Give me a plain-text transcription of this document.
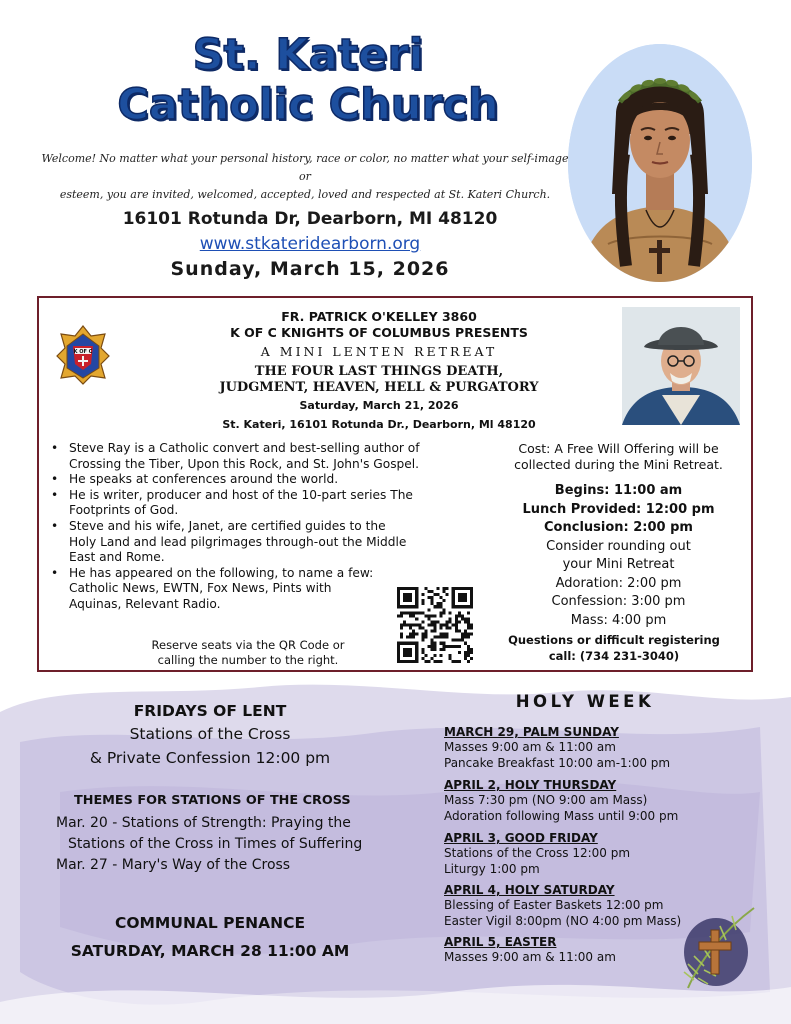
St. Kateri
Catholic Church
Welcome! No matter what your personal history, race or color, no matter what your self-image or
esteem, you are invited, welcomed, accepted, loved and respected at St. Kateri Church.
16101 Rotunda Dr, Dearborn, MI 48120
www.stkateridearborn.org
Sunday, March 15, 2026
K OF C
FR. PATRICK O'KELLEY 3860
K OF C KNIGHTS OF COLUMBUS PRESENTS
A MINI LENTEN RETREAT
THE FOUR LAST THINGS DEATH,
JUDGMENT, HEAVEN, HELL & PURGATORY
Saturday, March 21, 2026
St. Kateri, 16101 Rotunda Dr., Dearborn, Ml 48120
• Steve Ray is a Catholic convert and best-selling author of
Crossing the Tiber, Upon this Rock, and St. John's Gospel.
• He speaks at conferences around the world.
• He is writer, producer and host of the 10-part series The
Footprints of God.
• Steve and his wife, Janet, are certified guides to the
Holy Land and lead pilgrimages through-out the Middle
East and Rome.
• He has appeared on the following, to name a few:
Catholic News, EWTN, Fox News, Pints with
Aquinas, Relevant Radio.
Reserve seats via the QR Code or
calling the number to the right.
Cost: A Free Will Offering will be
collected during the Mini Retreat.
Begins: 11:00 am
Lunch Provided: 12:00 pm
Conclusion: 2:00 pm
Consider rounding out
your Mini Retreat
Adoration: 2:00 pm
Confession: 3:00 pm
Mass: 4:00 pm
Questions or difficult registering
call: (734 231-3040)
FRIDAYS OF LENT
Stations of the Cross
& Private Confession 12:00 pm
THEMES FOR STATIONS OF THE CROSS
Mar. 20 - Stations of Strength: Praying the
Stations of the Cross in Times of Suffering
Mar. 27 - Mary's Way of the Cross
COMMUNAL PENANCE
SATURDAY, MARCH 28 11:00 AM
HOLY WEEK
MARCH 29, PALM SUNDAY
Masses 9:00 am & 11:00 am
Pancake Breakfast 10:00 am-1:00 pm
APRIL 2, HOLY THURSDAY
Mass 7:30 pm (NO 9:00 am Mass)
Adoration following Mass until 9:00 pm
APRIL 3, GOOD FRIDAY
Stations of the Cross 12:00 pm
Liturgy 1:00 pm
APRIL 4, HOLY SATURDAY
Blessing of Easter Baskets 12:00 pm
Easter Vigil 8:00pm (NO 4:00 pm Mass)
APRIL 5, EASTER
Masses 9:00 am & 11:00 am
